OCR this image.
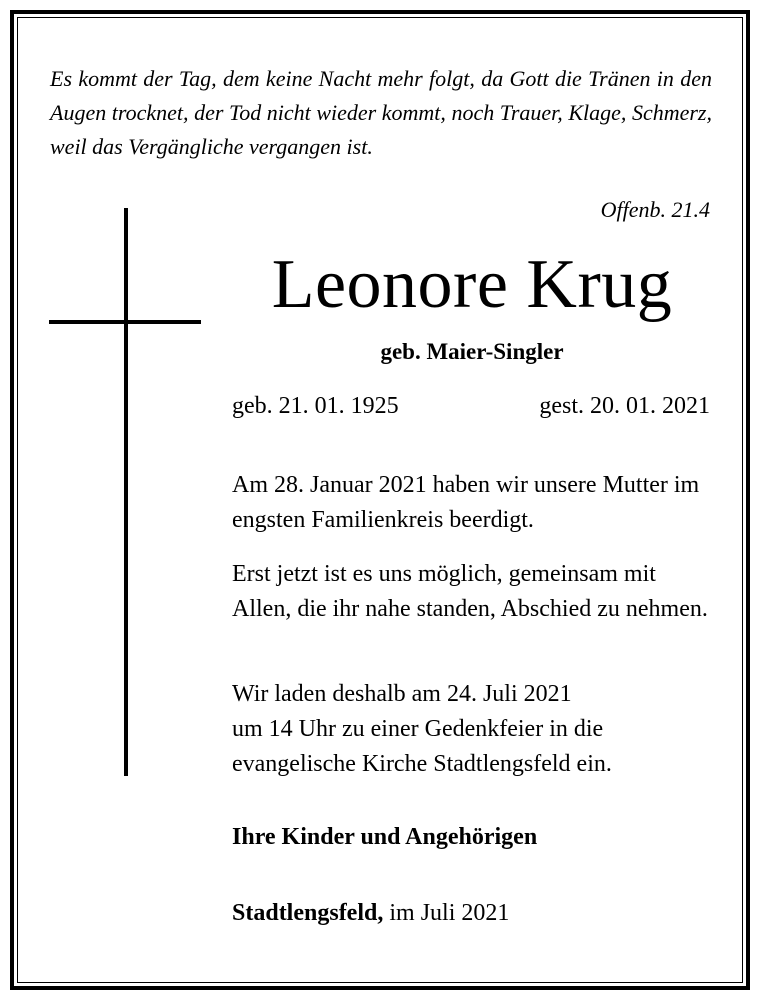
Es kommt der Tag, dem keine Nacht mehr folgt, da Gott die Tränen in den Augen trocknet, der Tod nicht wieder kommt, noch Trauer, Klage, Schmerz, weil das Vergängliche vergangen ist.
Offenb. 21.4
Leonore Krug
geb. Maier-Singler
geb. 21. 01. 1925	gest. 20. 01. 2021

Am 28. Januar 2021 haben wir unsere Mutter im engsten Familienkreis beerdigt.

Erst jetzt ist es uns möglich, gemeinsam mit Allen, die ihr nahe standen, Abschied zu nehmen.

Wir laden deshalb am 24. Juli 2021
um 14 Uhr zu einer Gedenkfeier in die
evangelische Kirche Stadtlengsfeld ein.

Ihre Kinder und Angehörigen
Stadtlengsfeld, im Juli 2021
